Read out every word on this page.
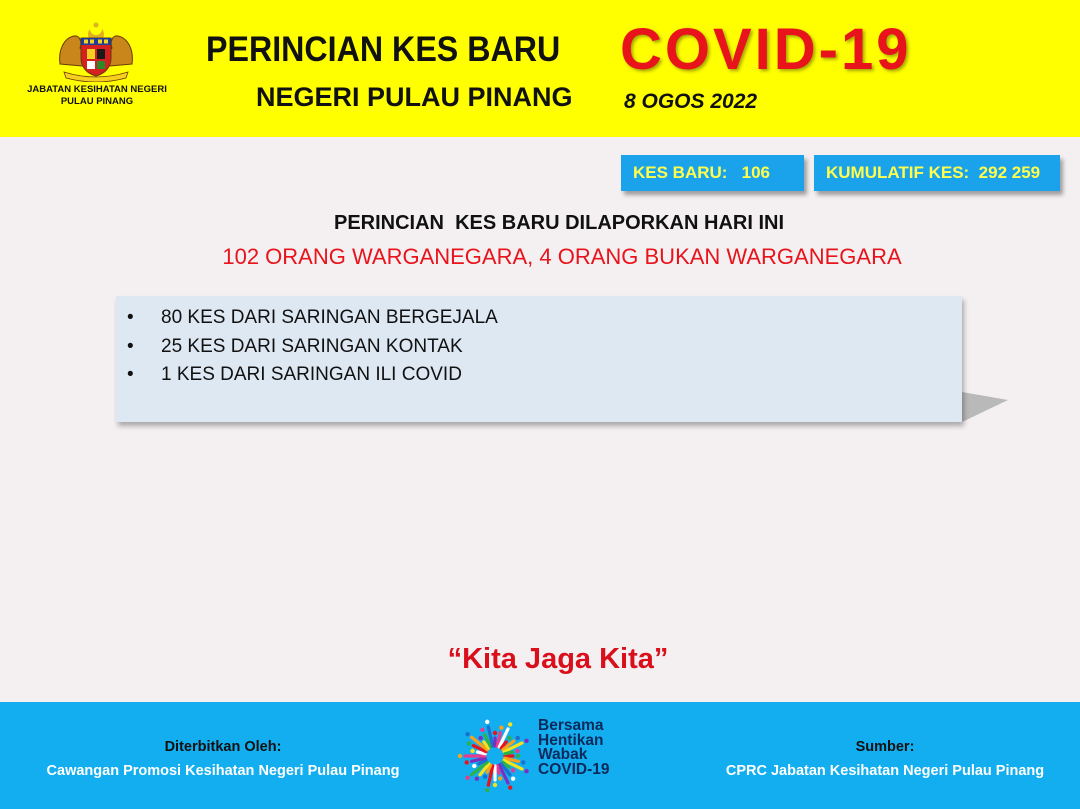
JABATAN KESIHATAN NEGERI
PULAU PINANG
PERINCIAN KES BARU COVID-19
NEGERI PULAU PINANG 8 OGOS 2022
KES BARU:   106	KUMULATIF KES:  292 259
PERINCIAN  KES BARU DILAPORKAN HARI INI
102 ORANG WARGANEGARA, 4 ORANG BUKAN WARGANEGARA
• 80 KES DARI SARINGAN BERGEJALA
• 25 KES DARI SARINGAN KONTAK
• 1 KES DARI SARINGAN ILI COVID
“Kita Jaga Kita”
Diterbitkan Oleh:
Cawangan Promosi Kesihatan Negeri Pulau Pinang
Bersama
Hentikan
Wabak
COVID-19
Sumber:
CPRC Jabatan Kesihatan Negeri Pulau Pinang
